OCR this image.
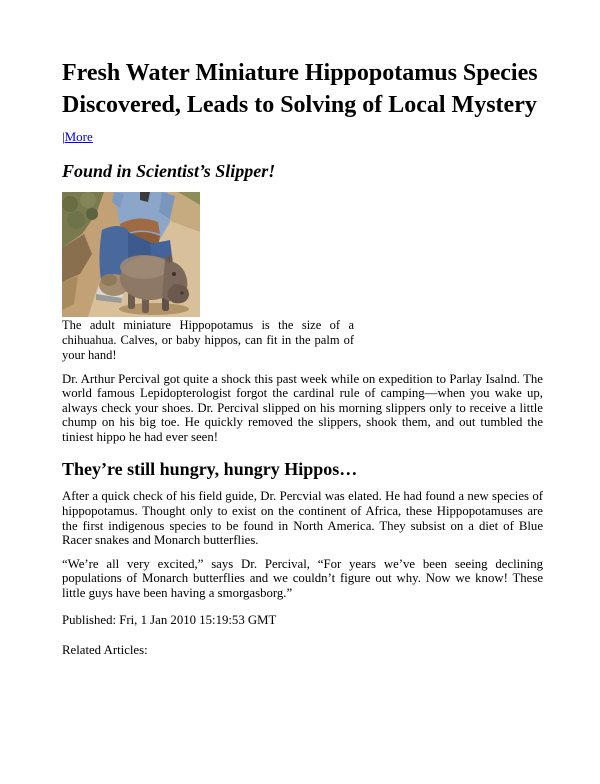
Fresh Water Miniature Hippopotamus Species Discovered, Leads to Solving of Local Mystery
|More
Found in Scientist’s Slipper!
The adult miniature Hippopotamus is the size of a chihuahua. Calves, or baby hippos, can fit in the palm of your hand!

Dr. Arthur Percival got quite a shock this past week while on expedition to Parlay Isalnd. The world famous Lepidopterologist forgot the cardinal rule of camping—when you wake up, always check your shoes. Dr. Percival slipped on his morning slippers only to receive a little chump on his big toe. He quickly removed the slippers, shook them, and out tumbled the tiniest hippo he had ever seen!

They’re still hungry, hungry Hippos…

After a quick check of his field guide, Dr. Percvial was elated. He had found a new species of hippopotamus. Thought only to exist on the continent of Africa, these Hippopotamuses are the first indigenous species to be found in North America. They subsist on a diet of Blue Racer snakes and Monarch butterflies.

“We’re all very excited,” says Dr. Percival, “For years we’ve been seeing declining populations of Monarch butterflies and we couldn’t figure out why. Now we know! These little guys have been having a smorgasborg.”

Published: Fri, 1 Jan 2010 15:19:53 GMT

Related Articles:
